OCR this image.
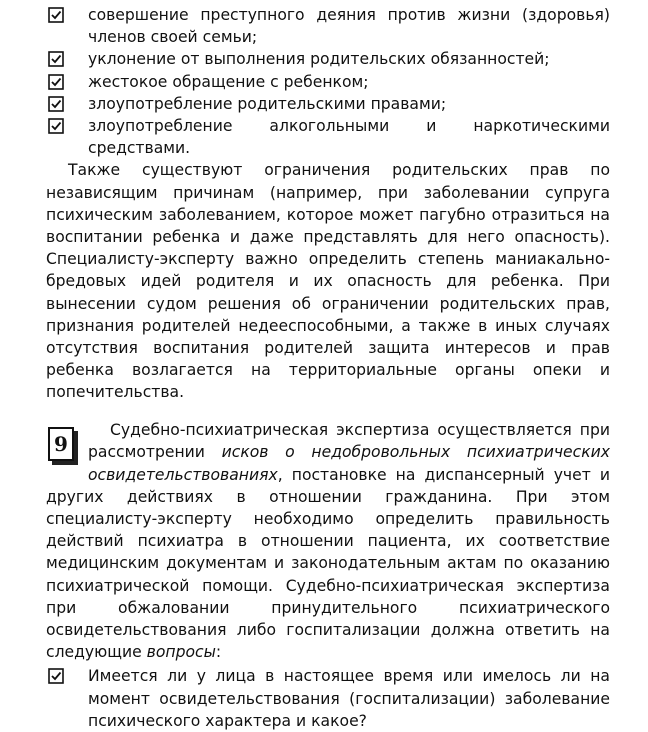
совершение преступного деяния против жизни (здоровья) членов своей семьи;
уклонение от выполнения родительских обязанностей;
жестокое обращение с ребенком;
злоупотребление родительскими правами;
злоупотребление алкогольными и наркотическими средствами.

Также существуют ограничения родительских прав по независящим причинам (например, при заболевании супруга психическим заболеванием, которое может пагубно отразиться на воспитании ребенка и даже представлять для него опасность). Специалисту-эксперту важно определить степень маниакально-бредовых идей родителя и их опасность для ребенка. При вынесении судом решения об ограничении родительских прав, признания родителей недееспособными, а также в иных случаях отсутствия воспитания родителей защита интересов и прав ребенка возлагается на территориальные органы опеки и попечительства.

9
Судебно-психиатрическая экспертиза осуществляется при рассмотрении исков о недобровольных психиатрических освидетельствованиях, постановке на диспансерный учет и других действиях в отношении гражданина. При этом специалисту-эксперту необходимо определить правильность действий психиатра в отношении пациента, их соответствие медицинским документам и законодательным актам по оказанию психиатрической помощи. Судебно-психиатрическая экспертиза при обжаловании принудительного психиатрического освидетельствования либо госпитализации должна ответить на следующие вопросы:
Имеется ли у лица в настоящее время или имелось ли на момент освидетельствования (госпитализации) заболевание психического характера и какое?
